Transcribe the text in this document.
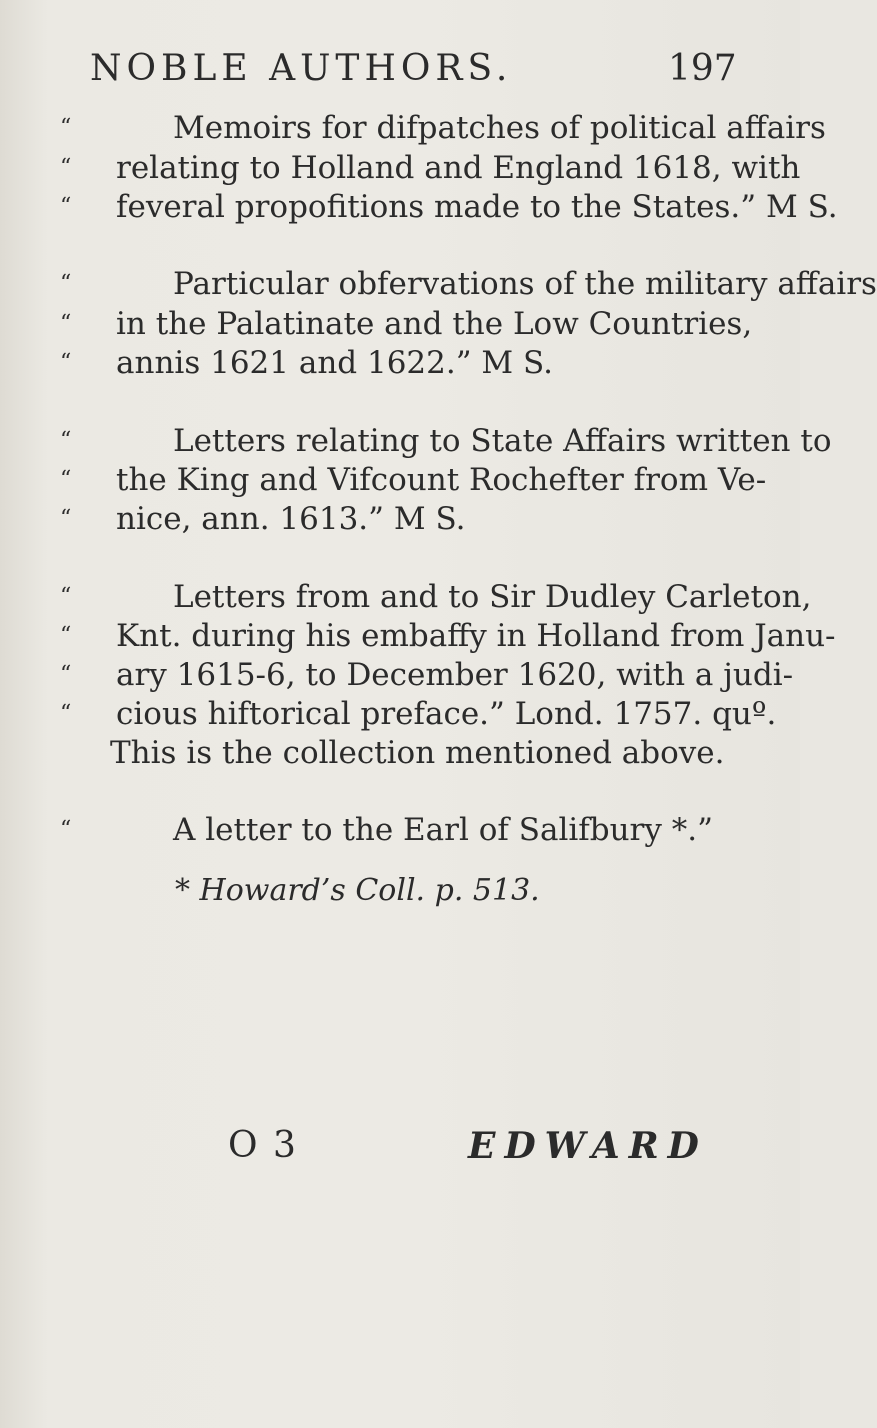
NOBLE AUTHORS.	197
“	Memoirs for difpatches of political affairs
“ relating to Holland and England 1618, with
“ feveral propofitions made to the States.” M S.
“	Particular obfervations of the military affairs
“ in the Palatinate and the Low Countries,
“ annis 1621 and 1622.” M S.
“	Letters relating to State Affairs written to
“ the King and Vifcount Rochefter from Ve-
“ nice, ann. 1613.” M S.
“	Letters from and to Sir Dudley Carleton,
“ Knt. during his embaffy in Holland from Janu-
“ ary 1615-6, to December 1620, with a judi-
“ cious hiftorical preface.” Lond. 1757. quº.
This is the collection mentioned above.
“	A letter to the Earl of Salifbury *.”
* Howard’s Coll. p. 513.
O 3	EDWARD
